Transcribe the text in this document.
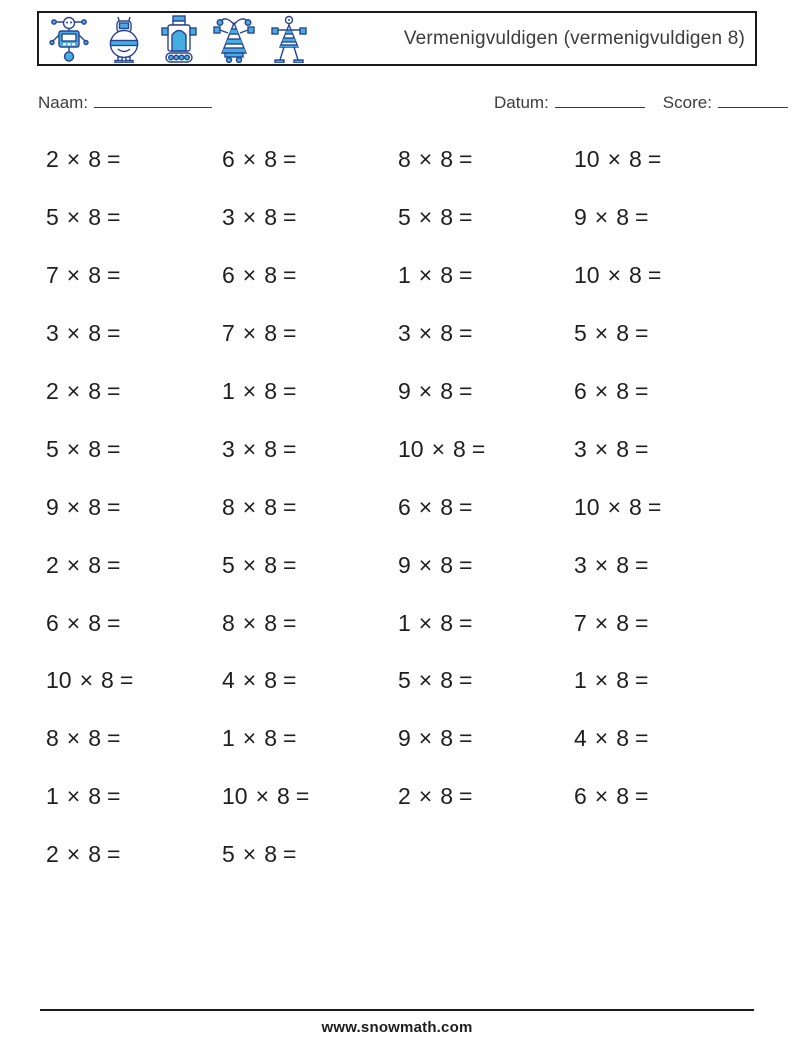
Vermenigvuldigen (vermenigvuldigen 8)
Naam:	Datum:	Score:
2 × 8 =	6 × 8 =	8 × 8 =	10 × 8 =
5 × 8 =	3 × 8 =	5 × 8 =	9 × 8 =
7 × 8 =	6 × 8 =	1 × 8 =	10 × 8 =
3 × 8 =	7 × 8 =	3 × 8 =	5 × 8 =
2 × 8 =	1 × 8 =	9 × 8 =	6 × 8 =
5 × 8 =	3 × 8 =	10 × 8 =	3 × 8 =
9 × 8 =	8 × 8 =	6 × 8 =	10 × 8 =
2 × 8 =	5 × 8 =	9 × 8 =	3 × 8 =
6 × 8 =	8 × 8 =	1 × 8 =	7 × 8 =
10 × 8 =	4 × 8 =	5 × 8 =	1 × 8 =
8 × 8 =	1 × 8 =	9 × 8 =	4 × 8 =
1 × 8 =	10 × 8 =	2 × 8 =	6 × 8 =
2 × 8 =	5 × 8 =
www.snowmath.com
